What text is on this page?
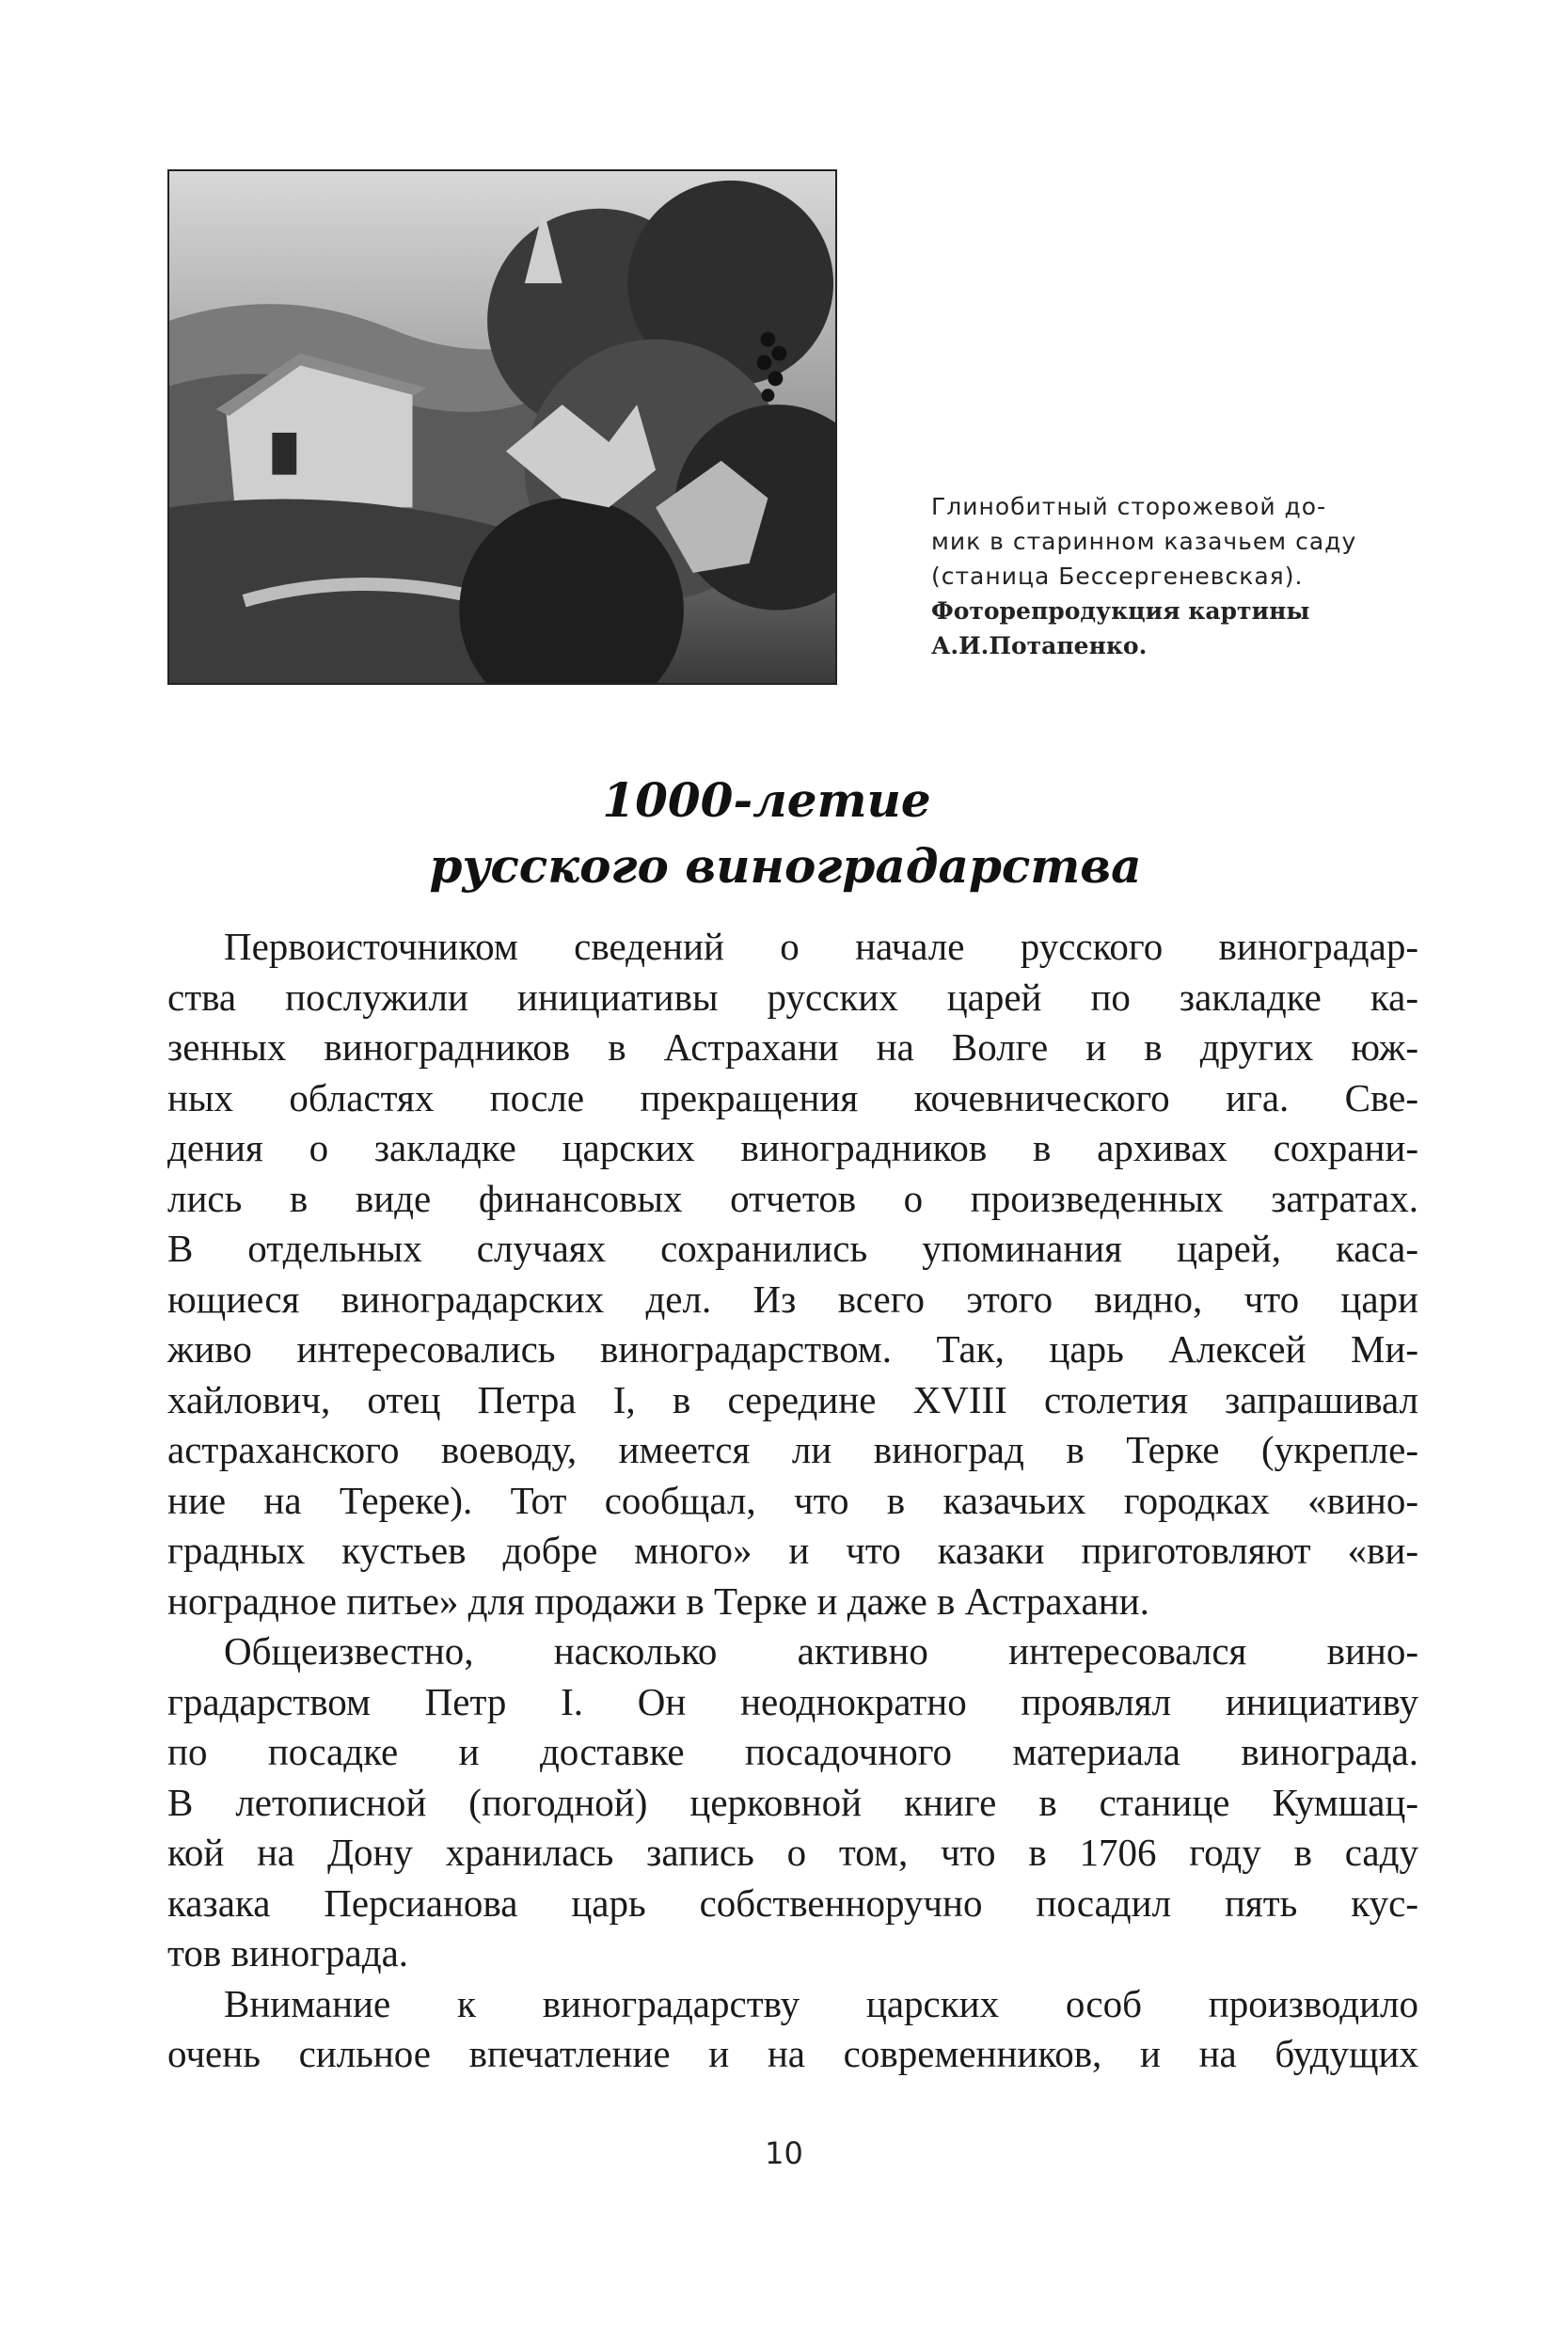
Глинобитный сторожевой до-
мик в старинном казачьем саду
(станица Бессергеневская).
Фоторепродукция картины
А.И.Потапенко.
1000-летие
русского виноградарства
Первоисточником сведений о начале русского виноградар-
ства послужили инициативы русских царей по закладке ка-
зенных виноградников в Астрахани на Волге и в других юж-
ных областях после прекращения кочевнического ига. Све-
дения о закладке царских виноградников в архивах сохрани-
лись в виде финансовых отчетов о произведенных затратах.
В отдельных случаях сохранились упоминания царей, каса-
ющиеся виноградарских дел. Из всего этого видно, что цари
живо интересовались виноградарством. Так, царь Алексей Ми-
хайлович, отец Петра I, в середине XVIII столетия запрашивал
астраханского воеводу, имеется ли виноград в Терке (укрепле-
ние на Тереке). Тот сообщал, что в казачьих городках «вино-
градных кустьев добре много» и что казаки приготовляют «ви-
ноградное питье» для продажи в Терке и даже в Астрахани.
Общеизвестно, насколько активно интересовался вино-
градарством Петр I. Он неоднократно проявлял инициативу
по посадке и доставке посадочного материала винограда.
В летописной (погодной) церковной книге в станице Кумшац-
кой на Дону хранилась запись о том, что в 1706 году в саду
казака Персианова царь собственноручно посадил пять кус-
тов винограда.
Внимание к виноградарству царских особ производило
очень сильное впечатление и на современников, и на будущих
10
